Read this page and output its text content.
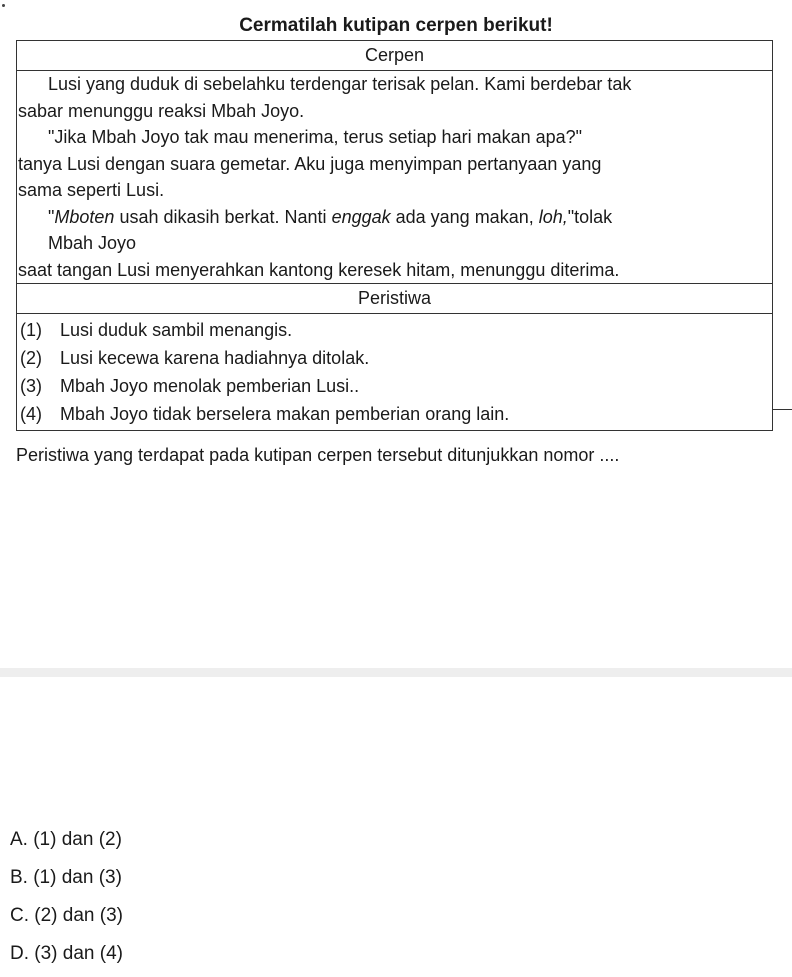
Cermatilah kutipan cerpen berikut!
Cerpen

Lusi yang duduk di sebelahku terdengar terisak pelan. Kami berdebar tak

sabar menunggu reaksi Mbah Joyo.

"Jika Mbah Joyo tak mau menerima, terus setiap hari makan apa?"

tanya Lusi dengan suara gemetar. Aku juga menyimpan pertanyaan yang

sama seperti Lusi.

"Mboten usah dikasih berkat. Nanti enggak ada yang makan, loh,"tolak

Mbah Joyo

saat tangan Lusi menyerahkan kantong keresek hitam, menunggu diterima.

Peristiwa
(1) Lusi duduk sambil menangis.
(2) Lusi kecewa karena hadiahnya ditolak.
(3) Mbah Joyo menolak pemberian Lusi..
(4) Mbah Joyo tidak berselera makan pemberian orang lain.
Peristiwa yang terdapat pada kutipan cerpen tersebut ditunjukkan nomor ....
A. (1) dan (2)
B. (1) dan (3)
C. (2) dan (3)
D. (3) dan (4)
